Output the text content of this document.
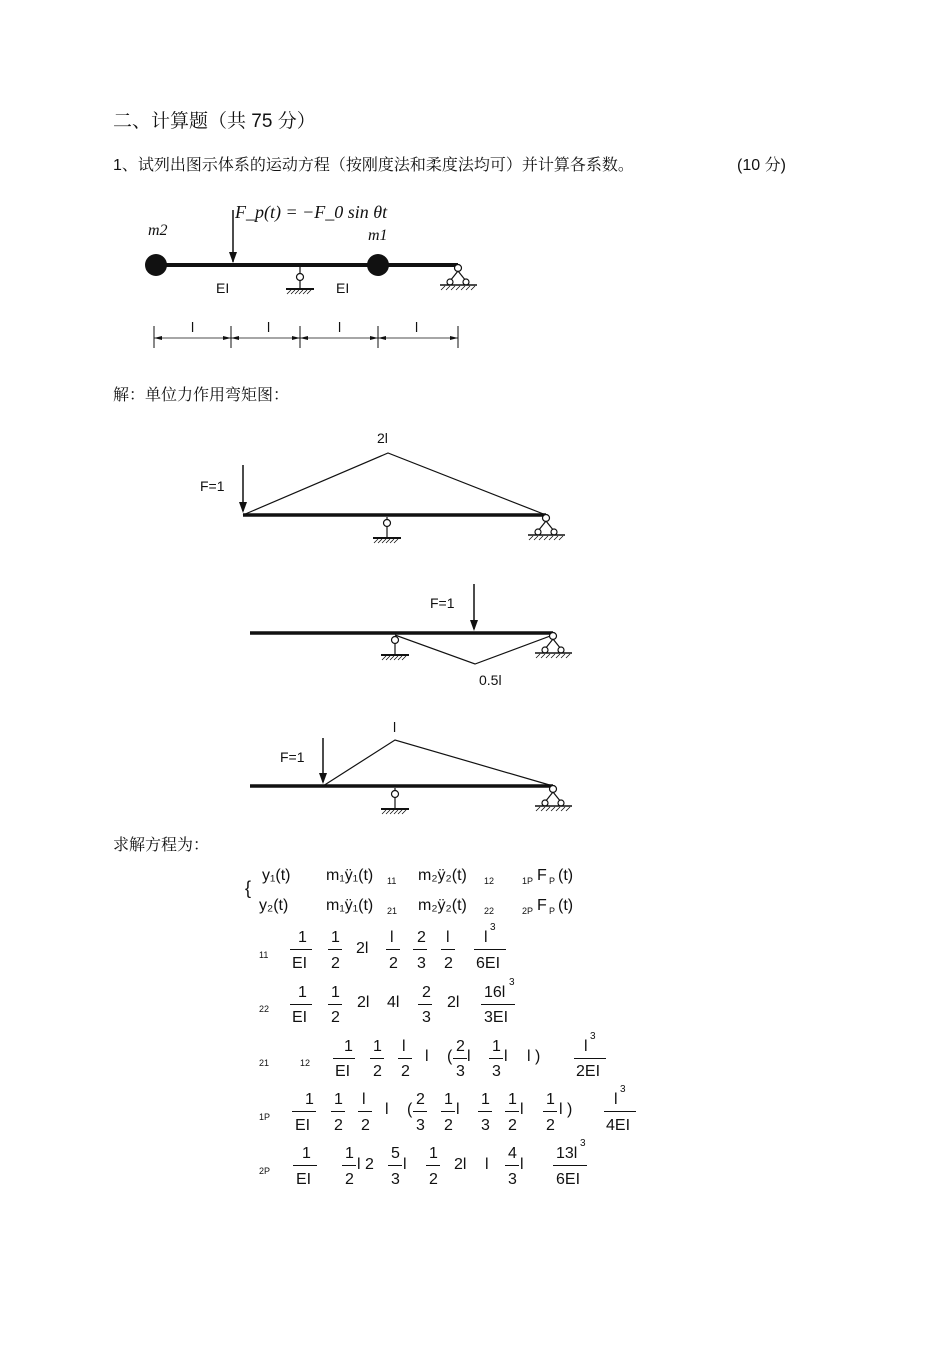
二、计算题（共 75 分）
1、试列出图示体系的运动方程（按刚度法和柔度法均可）并计算各系数。	(10 分)
F_p(t) = −F_0 sin θt
m2	m1
EI	EI
l	l	l	l
解：单位力作用弯矩图：
2l
F=1
F=1
0.5l
l
F=1
求解方程为：
{
y₁(t) m₁ÿ₁(t) 11 m₂ÿ₂(t) 12	1P F P (t)
y₂(t) m₁ÿ₁(t) 21 m₂ÿ₂(t) 22	2P F P (t)
11
1
EI
1
2
2l
l
2
2
3
l
2
l
3
6EI
22
1
EI
1
2
2l 4l
2
3
2l
16l
3
3EI
21	12
1
EI
1
2
l
2
l (
2
3
l
1
3
l l )
l
3
2EI
1P
1
EI
1
2
l
2
l (
2
3
1
2
l
1
3
1
2
l
1
2
l )
l
3
4EI
2P
1
EI
1
2
l 2
5
3
l
1
2
2l l
4
3
l
13l
3
6EI
